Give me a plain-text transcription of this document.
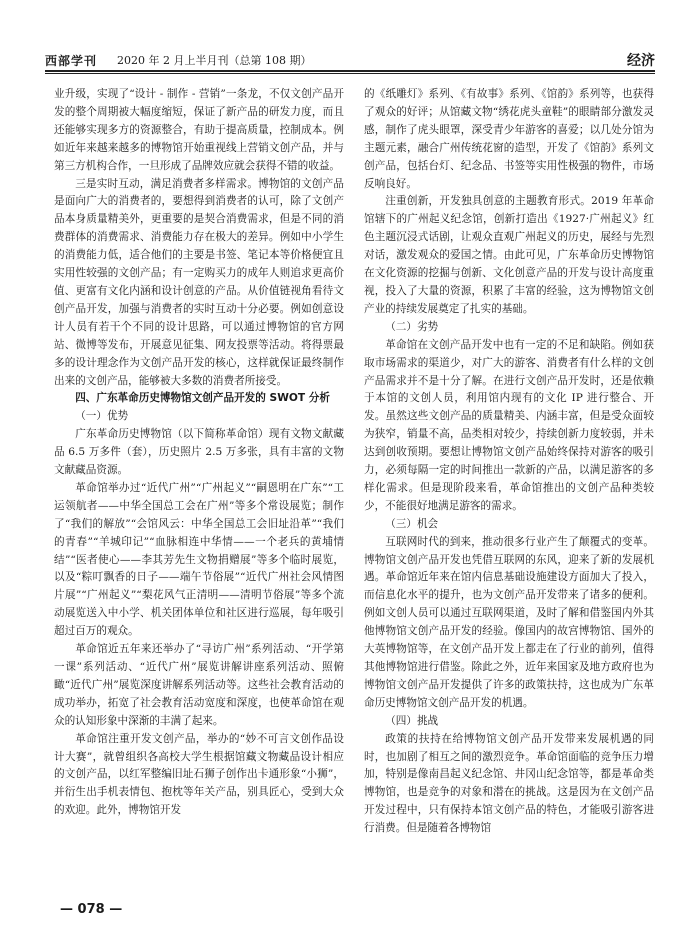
西部学刊 2020 年 2 月上半月刊（总第 108 期）	经济

业升级，实现了“设计 - 制作 - 营销”一条龙，不仅文创产品开发的整个周期被大幅度缩短，保证了新产品的研发力度，而且还能够实现多方的资源整合，有助于提高质量，控制成本。例如近年来越来越多的博物馆开始重视线上营销文创产品，并与第三方机构合作，一旦形成了品牌效应就会获得不错的收益。

三是实时互动，满足消费者多样需求。博物馆的文创产品是面向广大的消费者的，要想得到消费者的认可，除了文创产品本身质量精美外，更重要的是契合消费需求，但是不同的消费群体的消费需求、消费能力存在极大的差异。例如中小学生的消费能力低，适合他们的主要是书签、笔记本等价格便宜且实用性较强的文创产品；有一定购买力的成年人则追求更高价值、更富有文化内涵和设计创意的产品。从价值链视角看待文创产品开发，加强与消费者的实时互动十分必要。例如创意设计人员有若干个不同的设计思路，可以通过博物馆的官方网站、微博等发布，开展意见征集、网友投票等活动。将得票最多的设计理念作为文创产品开发的核心，这样就保证最终制作出来的文创产品，能够被大多数的消费者所接受。

四、广东革命历史博物馆文创产品开发的 SWOT 分析

（一）优势

广东革命历史博物馆（以下简称革命馆）现有文物文献藏品 6.5 万多件（套），历史照片 2.5 万多张，具有丰富的文物文献藏品资源。

革命馆举办过“近代广州”“广州起义”“嗣恩明在广东”“工运领航者——中华全国总工会在广州”等多个常设展览；制作了“我们的解放”“会馆风云：中华全国总工会旧址沿革”“我们的青春”“羊城印记”“血脉相连中华情——一个老兵的黄埔情结”“医者使心——李其芳先生文物捐赠展”等多个临时展览，以及“粽叮飘香的日子——端午节俗展”“近代广州社会风情图片展”“广州起义”“梨花风气正清明——清明节俗展”等多个流动展览送入中小学、机关团体单位和社区进行巡展，每年吸引超过百万的观众。

革命馆近五年来还举办了“寻访广州”系列活动、“开学第一课”系列活动、“近代广州”展览讲解讲座系列活动、照俯瞰“近代广州”展览深度讲解系列活动等。这些社会教育活动的成功举办，拓宽了社会教育活动宽度和深度，也使革命馆在观众的认知形象中深渐的丰满了起来。

革命馆注重开发文创产品，举办的“妙不可言文创作品设计大赛”，就曾组织各高校大学生根据馆藏文物藏品设计相应的文创产品，以红军整编旧址石狮子创作出卡通形象“小狮”，并衍生出手机表情包、抱枕等年关产品，别具匠心，受到大众的欢迎。此外，博物馆开发

的《纸雕灯》系列、《有故事》系列、《馆韵》系列等，也获得了观众的好评；从馆藏文物“绣花虎头童鞋”的眼睛部分激发灵感，制作了虎头眼罩，深受青少年游客的喜爱；以几处分馆为主题元素，融合广州传统花窗的造型，开发了《馆韵》系列文创产品，包括台灯、纪念品、书签等实用性极强的物件，市场反响良好。

注重创新，开发独具创意的主题教育形式。2019 年革命馆辖下的广州起义纪念馆，创新打造出《1927·广州起义》红色主题沉浸式话剧，让观众直观广州起义的历史，展经与先烈对话，激发观众的爱国之情。由此可见，广东革命历史博物馆在文化资源的挖掘与创新、文化创意产品的开发与设计高度重视，投入了大量的资源，积累了丰富的经验，这为博物馆文创产业的持续发展奠定了扎实的基础。

（二）劣势

革命馆在文创产品开发中也有一定的不足和缺陷。例如获取市场需求的渠道少，对广大的游客、消费者有什么样的文创产品需求并不是十分了解。在进行文创产品开发时，还是依赖于本馆的文创人员，利用馆内现有的文化 IP 进行整合、开发。虽然这些文创产品的质量精美、内涵丰富，但是受众面较为狭窄，销量不高，品类相对较少，持续创新力度较弱，并未达到创收预期。要想让博物馆文创产品始终保持对游客的吸引力，必须每隔一定的时间推出一款新的产品，以满足游客的多样化需求。但是现阶段来看，革命馆推出的文创产品种类较少，不能很好地满足游客的需求。

（三）机会

互联网时代的到来，推动很多行业产生了颠覆式的变革。博物馆文创产品开发也凭借互联网的东风，迎来了新的发展机遇。革命馆近年来在馆内信息基础设施建设方面加大了投入，而信息化水平的提升，也为文创产品开发带来了诸多的便利。例如文创人员可以通过互联网渠道，及时了解和借鉴国内外其他博物馆文创产品开发的经验。像国内的故宫博物馆、国外的大英博物馆等，在文创产品开发上都走在了行业的前列，值得其他博物馆进行借鉴。除此之外，近年来国家及地方政府也为博物馆文创产品开发提供了许多的政策扶持，这也成为广东革命历史博物馆文创产品开发的机遇。

（四）挑战

政策的扶持在给博物馆文创产品开发带来发展机遇的同时，也加剧了相互之间的激烈竞争。革命馆面临的竞争压力增加，特别是像南昌起义纪念馆、井冈山纪念馆等，都是革命类博物馆，也是竞争的对象和潜在的挑战。这是因为在文创产品开发过程中，只有保持本馆文创产品的特色，才能吸引游客进行消费。但是随着各博物馆

— 078 —
